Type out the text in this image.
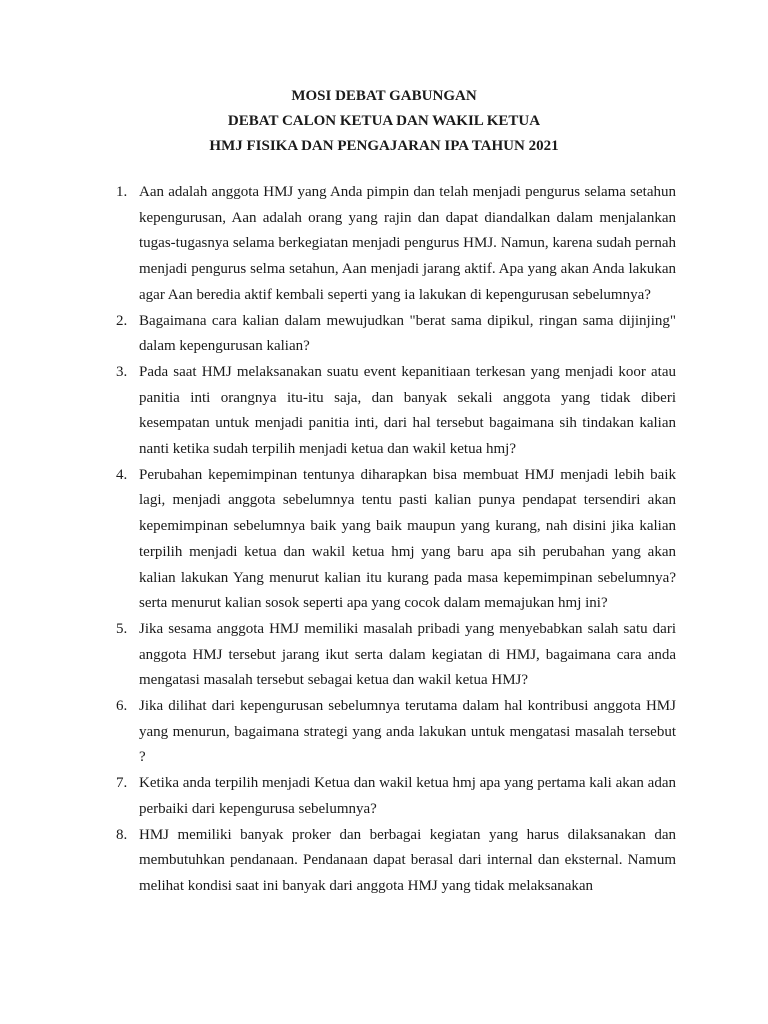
MOSI DEBAT GABUNGAN
DEBAT CALON KETUA DAN WAKIL KETUA
HMJ FISIKA DAN PENGAJARAN IPA TAHUN 2021
1. Aan adalah anggota HMJ yang Anda pimpin dan telah menjadi pengurus selama setahun kepengurusan, Aan adalah orang yang rajin dan dapat diandalkan dalam menjalankan tugas-tugasnya selama berkegiatan menjadi pengurus HMJ. Namun, karena sudah pernah menjadi pengurus selma setahun, Aan menjadi jarang aktif. Apa yang akan Anda lakukan agar Aan beredia aktif kembali seperti yang ia lakukan di kepengurusan sebelumnya?
2. Bagaimana cara kalian dalam mewujudkan "berat sama dipikul, ringan sama dijinjing" dalam kepengurusan kalian?
3. Pada saat HMJ melaksanakan suatu event kepanitiaan terkesan yang menjadi koor atau panitia inti orangnya itu-itu saja, dan banyak sekali anggota yang tidak diberi kesempatan untuk menjadi panitia inti, dari hal tersebut bagaimana sih tindakan kalian nanti ketika sudah terpilih menjadi ketua dan wakil ketua hmj?
4. Perubahan kepemimpinan tentunya diharapkan bisa membuat HMJ menjadi lebih baik lagi, menjadi anggota sebelumnya tentu pasti kalian punya pendapat tersendiri akan kepemimpinan sebelumnya baik yang baik maupun yang kurang, nah disini jika kalian terpilih menjadi ketua dan wakil ketua hmj yang baru apa sih perubahan yang akan kalian lakukan Yang menurut kalian itu kurang pada masa kepemimpinan sebelumnya? serta menurut kalian sosok seperti apa yang cocok dalam memajukan hmj ini?
5. Jika sesama anggota HMJ memiliki masalah pribadi yang menyebabkan salah satu dari anggota HMJ tersebut jarang ikut serta dalam kegiatan di HMJ, bagaimana cara anda mengatasi masalah tersebut sebagai ketua dan wakil ketua HMJ?
6. Jika dilihat dari kepengurusan sebelumnya terutama dalam hal kontribusi anggota HMJ yang menurun, bagaimana strategi yang anda lakukan untuk mengatasi masalah tersebut ?
7. Ketika anda terpilih menjadi Ketua dan wakil ketua hmj apa yang pertama kali akan adan perbaiki dari kepengurusa sebelumnya?
8. HMJ memiliki banyak proker dan berbagai kegiatan yang harus dilaksanakan dan membutuhkan pendanaan. Pendanaan dapat berasal dari internal dan eksternal. Namum melihat kondisi saat ini banyak dari anggota HMJ yang tidak melaksanakan
